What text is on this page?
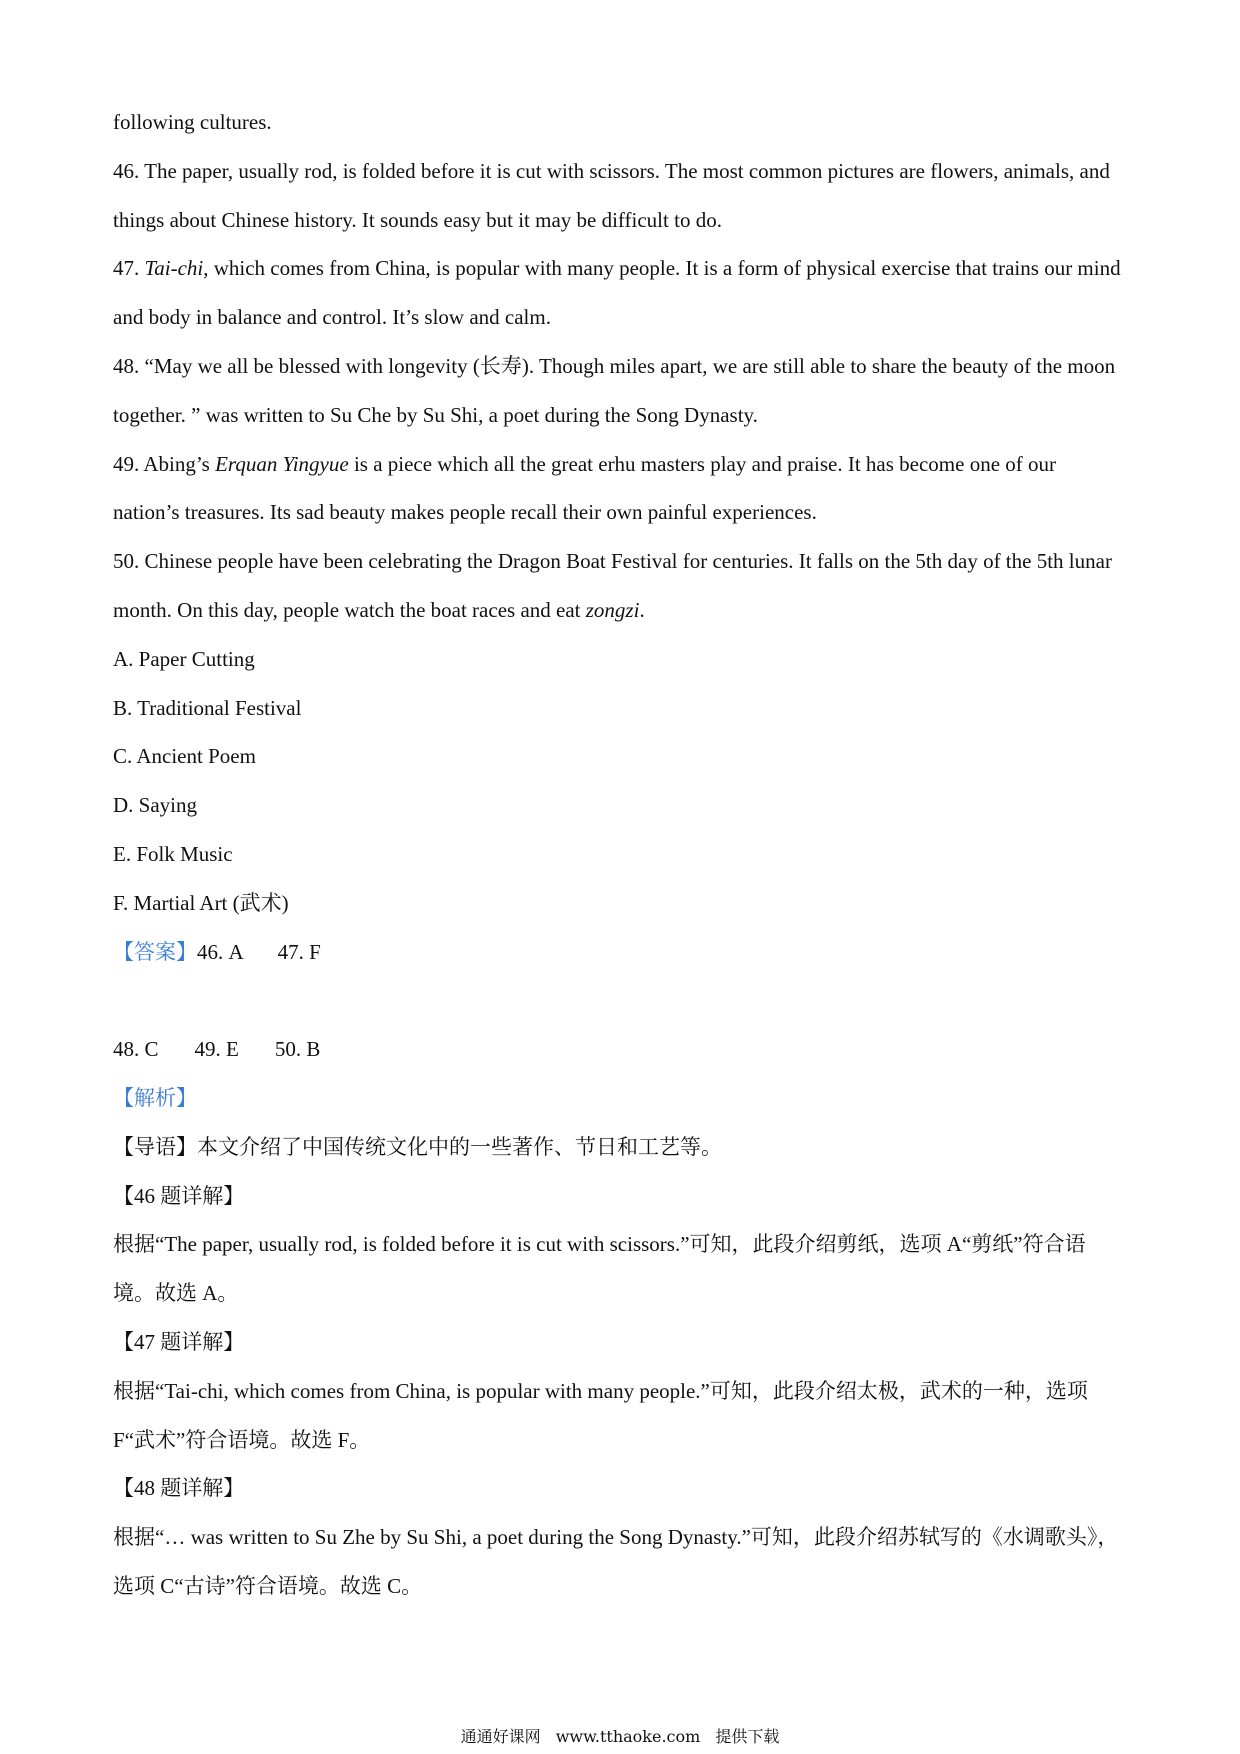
following cultures.

46. The paper, usually rod, is folded before it is cut with scissors. The most common pictures are flowers, animals, and things about Chinese history. It sounds easy but it may be difficult to do.

47. Tai-chi, which comes from China, is popular with many people. It is a form of physical exercise that trains our mind and body in balance and control. It’s slow and calm.

48. “May we all be blessed with longevity (长寿). Though miles apart, we are still able to share the beauty of the moon together. ” was written to Su Che by Su Shi, a poet during the Song Dynasty.

49. Abing’s Erquan Yingyue is a piece which all the great erhu masters play and praise. It has become one of our nation’s treasures. Its sad beauty makes people recall their own painful experiences.

50. Chinese people have been celebrating the Dragon Boat Festival for centuries. It falls on the 5th day of the 5th lunar month. On this day, people watch the boat races and eat zongzi.

A. Paper Cutting

B. Traditional Festival

C. Ancient Poem

D. Saying

E. Folk Music

F. Martial Art (武术)

【答案】46. A 47. F

48. C 49. E 50. B

【解析】

【导语】本文介绍了中国传统文化中的一些著作、节日和工艺等。

【46 题详解】

根据“The paper, usually rod, is folded before it is cut with scissors.”可知，此段介绍剪纸，选项 A“剪纸”符合语境。故选 A。

【47 题详解】

根据“Tai-chi, which comes from China, is popular with many people.”可知，此段介绍太极，武术的一种，选项 F“武术”符合语境。故选 F。

【48 题详解】

根据“… was written to Su Zhe by Su Shi, a poet during the Song Dynasty.”可知，此段介绍苏轼写的《水调歌头》，选项 C“古诗”符合语境。故选 C。

通通好课网 www.tthaoke.com 提供下载
